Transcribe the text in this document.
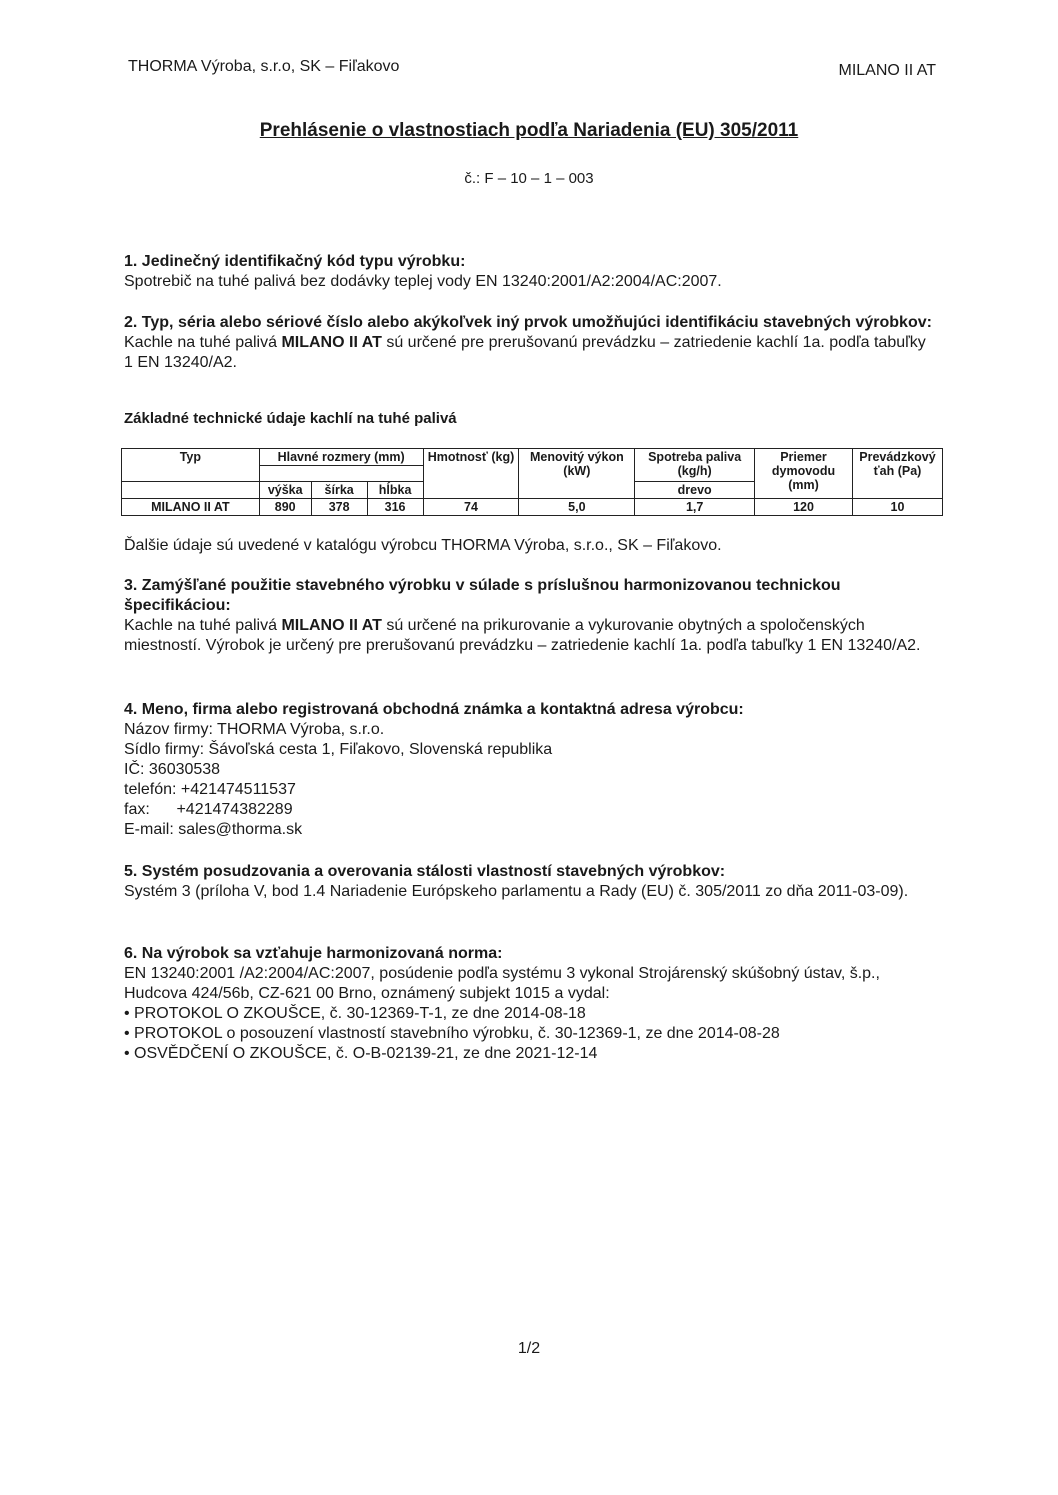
THORMA Výroba, s.r.o, SK – Fiľakovo	MILANO II AT
Prehlásenie o vlastnostiach podľa Nariadenia (EU) 305/2011
č.: F – 10 – 1 – 003

1. Jedinečný identifikačný kód typu výrobku:

Spotrebič na tuhé palivá bez dodávky teplej vody EN 13240:2001/A2:2004/AC:2007.

2. Typ, séria alebo sériové číslo alebo akýkoľvek iný prvok umožňujúci identifikáciu stavebných výrobkov:

Kachle na tuhé palivá MILANO II AT sú určené pre prerušovanú prevádzku – zatriedenie kachlí 1a. podľa tabuľky 1 EN 13240/A2.

Základné technické údaje kachlí na tuhé palivá
Typ	Hlavné rozmery (mm)			Hmotnosť (kg)	Menovitý výkon (kW)	Spotreba paliva (kg/h)	Priemer dymovodu (mm)	Prevádzkový ťah (Pa)

	výška	šírka	hĺbka			drevo		
MILANO II AT	890	378	316	74	5,0	1,7	120	10
Ďalšie údaje sú uvedené v katalógu výrobcu THORMA Výroba, s.r.o., SK – Fiľakovo.

3. Zamýšľané použitie stavebného výrobku v súlade s príslušnou harmonizovanou technickou špecifikáciou:

Kachle na tuhé palivá MILANO II AT sú určené na prikurovanie a vykurovanie obytných a spoločenských miestností. Výrobok je určený pre prerušovanú prevádzku – zatriedenie kachlí 1a. podľa tabuľky 1 EN 13240/A2.

4. Meno, firma alebo registrovaná obchodná známka a kontaktná adresa výrobcu:

Názov firmy: THORMA Výroba, s.r.o.

Sídlo firmy: Šávoľská cesta 1, Fiľakovo, Slovenská republika

IČ: 36030538

telefón: +421474511537

fax:      +421474382289

E-mail: sales@thorma.sk

5. Systém posudzovania a overovania stálosti vlastností stavebných výrobkov:

Systém 3 (príloha V, bod 1.4 Nariadenie Európskeho parlamentu a Rady (EU) č. 305/2011 zo dňa 2011-03-09).

6. Na výrobok sa vzťahuje harmonizovaná norma:

EN 13240:2001 /A2:2004/AC:2007, posúdenie podľa systému 3 vykonal Strojárenský skúšobný ústav, š.p., Hudcova 424/56b, CZ-621 00 Brno, oznámený subjekt 1015 a vydal:

• PROTOKOL O ZKOUŠCE, č. 30-12369-T-1, ze dne 2014-08-18

• PROTOKOL o posouzení vlastností stavebního výrobku, č. 30-12369-1, ze dne 2014-08-28

• OSVĚDČENÍ O ZKOUŠCE, č. O-B-02139-21, ze dne 2021-12-14

1/2
